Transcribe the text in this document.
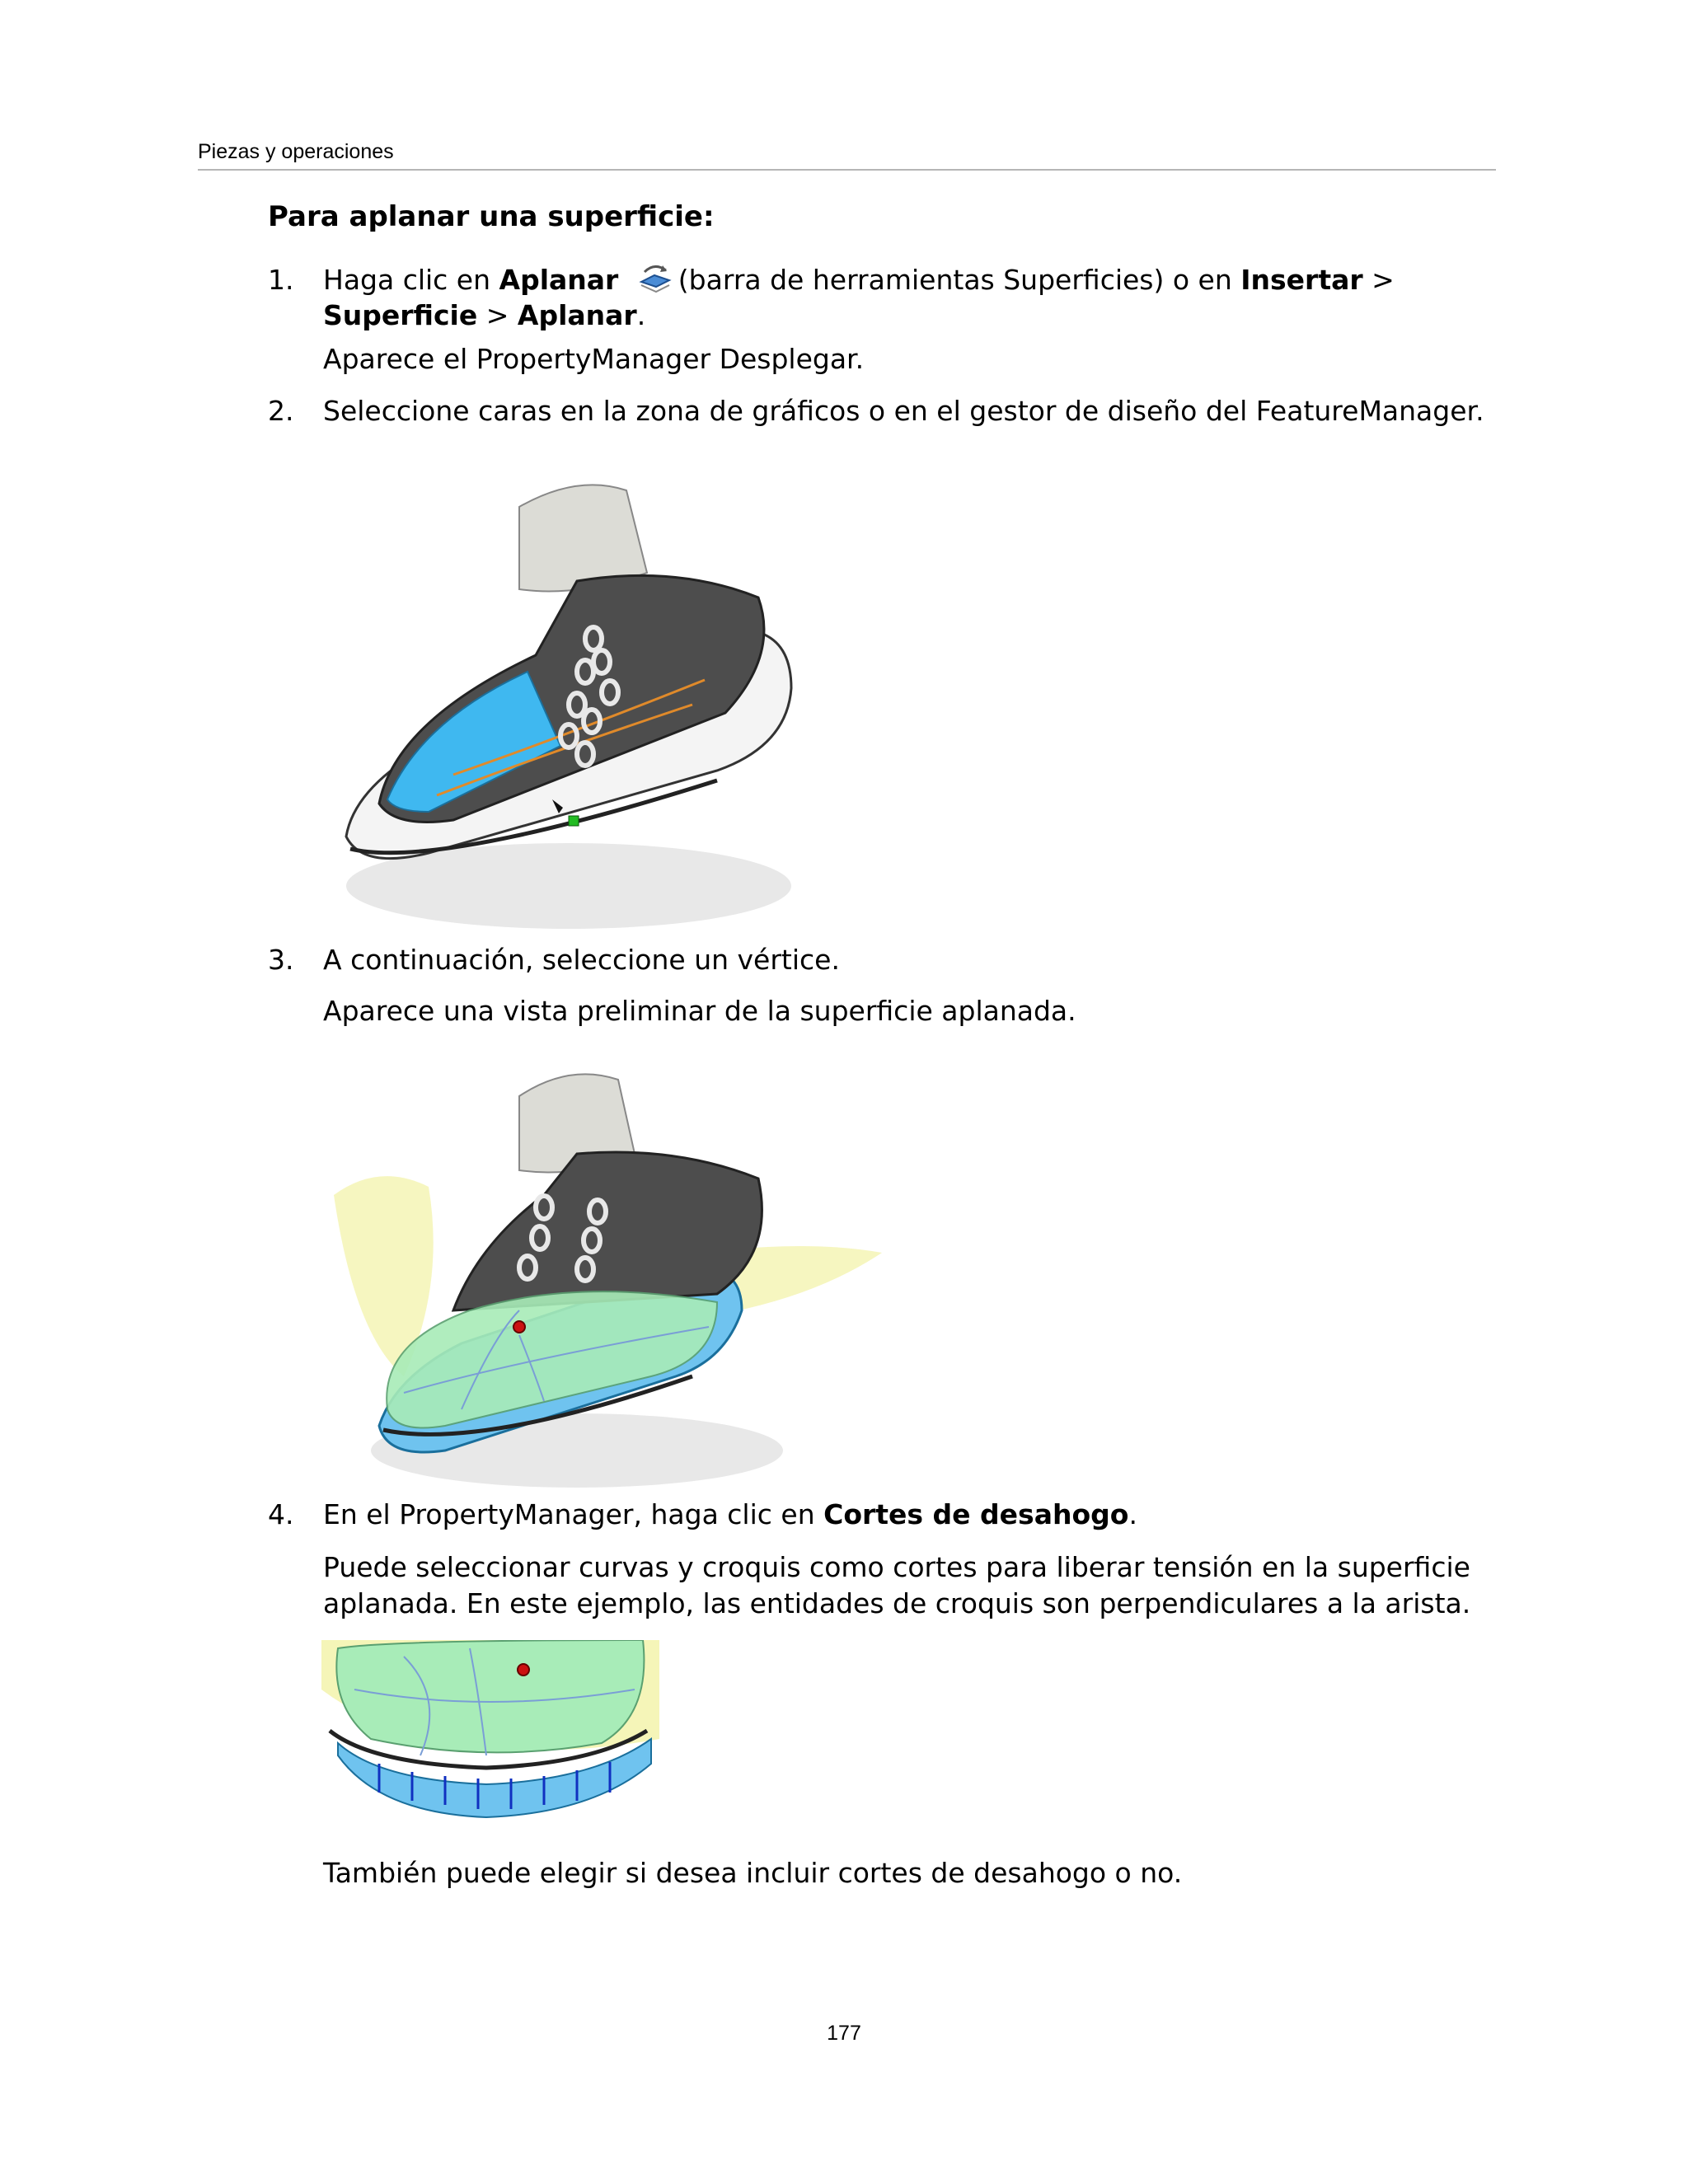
Piezas y operaciones
Para aplanar una superficie:
1. Haga clic en Aplanar (barra de herramientas Superficies) o en Insertar >
Superficie > Aplanar.
Aparece el PropertyManager Desplegar.
2. Seleccione caras en la zona de gráficos o en el gestor de diseño del FeatureManager.
3. A continuación, seleccione un vértice.
Aparece una vista preliminar de la superficie aplanada.
4. En el PropertyManager, haga clic en Cortes de desahogo.
Puede seleccionar curvas y croquis como cortes para liberar tensión en la superficie
aplanada. En este ejemplo, las entidades de croquis son perpendiculares a la arista.
También puede elegir si desea incluir cortes de desahogo o no.
177
